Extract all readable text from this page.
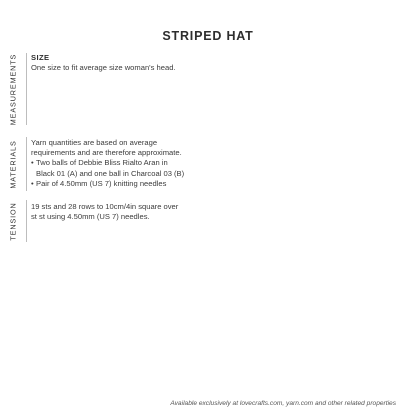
STRIPED HAT
MEASUREMENTS SIZE

One size to fit average size woman's head.

MATERIALS Yarn quantities are based on average

requirements and are therefore approximate.

• Two balls of Debbie Bliss Rialto Aran in
Black 01 (A) and one ball in Charcoal 03 (B)
• Pair of 4.50mm (US 7) knitting needles
TENSION 19 sts and 28 rows to 10cm/4in square over

st st using 4.50mm (US 7) needles.

Available exclusively at lovecrafts.com, yarn.com and other related properties
